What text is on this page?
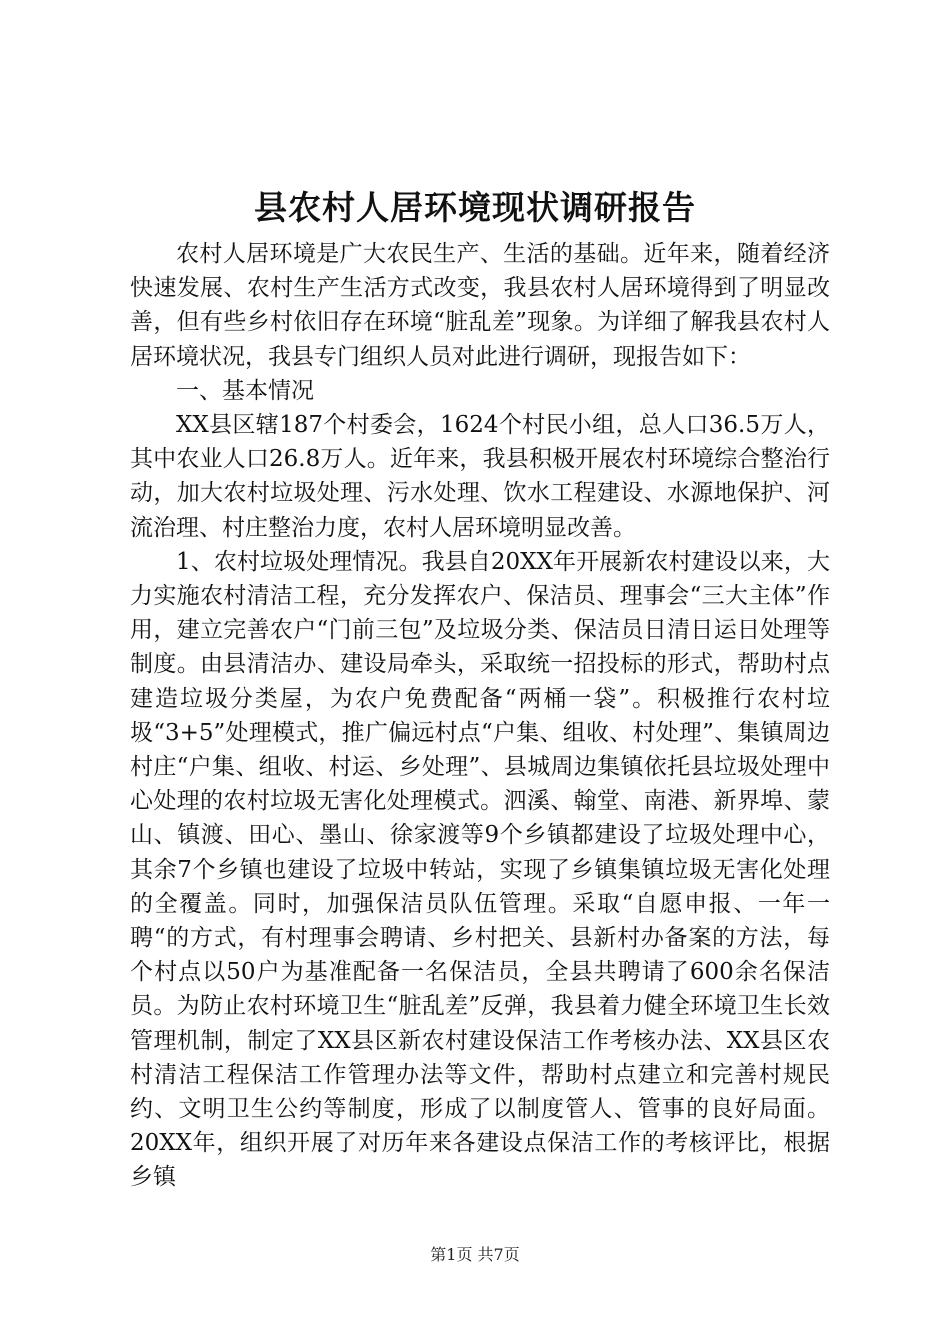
县农村人居环境现状调研报告

农村人居环境是广大农民生产、生活的基础。近年来，随着经济快速发展、农村生产生活方式改变，我县农村人居环境得到了明显改善，但有些乡村依旧存在环境“脏乱差”现象。为详细了解我县农村人居环境状况，我县专门组织人员对此进行调研，现报告如下：

一、基本情况

XX县区辖187个村委会，1624个村民小组，总人口36.5万人，其中农业人口26.8万人。近年来，我县积极开展农村环境综合整治行动，加大农村垃圾处理、污水处理、饮水工程建设、水源地保护、河流治理、村庄整治力度，农村人居环境明显改善。

1、农村垃圾处理情况。我县自20XX年开展新农村建设以来，大力实施农村清洁工程，充分发挥农户、保洁员、理事会“三大主体”作用，建立完善农户“门前三包”及垃圾分类、保洁员日清日运日处理等制度。由县清洁办、建设局牵头，采取统一招投标的形式，帮助村点建造垃圾分类屋，为农户免费配备“两桶一袋”。积极推行农村垃圾“3+5”处理模式，推广偏远村点“户集、组收、村处理”、集镇周边村庄“户集、组收、村运、乡处理”、县城周边集镇依托县垃圾处理中心处理的农村垃圾无害化处理模式。泗溪、翰堂、南港、新界埠、蒙山、镇渡、田心、墨山、徐家渡等9个乡镇都建设了垃圾处理中心，其余7个乡镇也建设了垃圾中转站，实现了乡镇集镇垃圾无害化处理的全覆盖。同时，加强保洁员队伍管理。采取“自愿申报、一年一聘“的方式，有村理事会聘请、乡村把关、县新村办备案的方法，每个村点以50户为基准配备一名保洁员，全县共聘请了600余名保洁员。为防止农村环境卫生“脏乱差”反弹，我县着力健全环境卫生长效管理机制，制定了XX县区新农村建设保洁工作考核办法、XX县区农村清洁工程保洁工作管理办法等文件，帮助村点建立和完善村规民约、文明卫生公约等制度，形成了以制度管人、管事的良好局面。20XX年，组织开展了对历年来各建设点保洁工作的考核评比，根据乡镇

第1页 共7页
